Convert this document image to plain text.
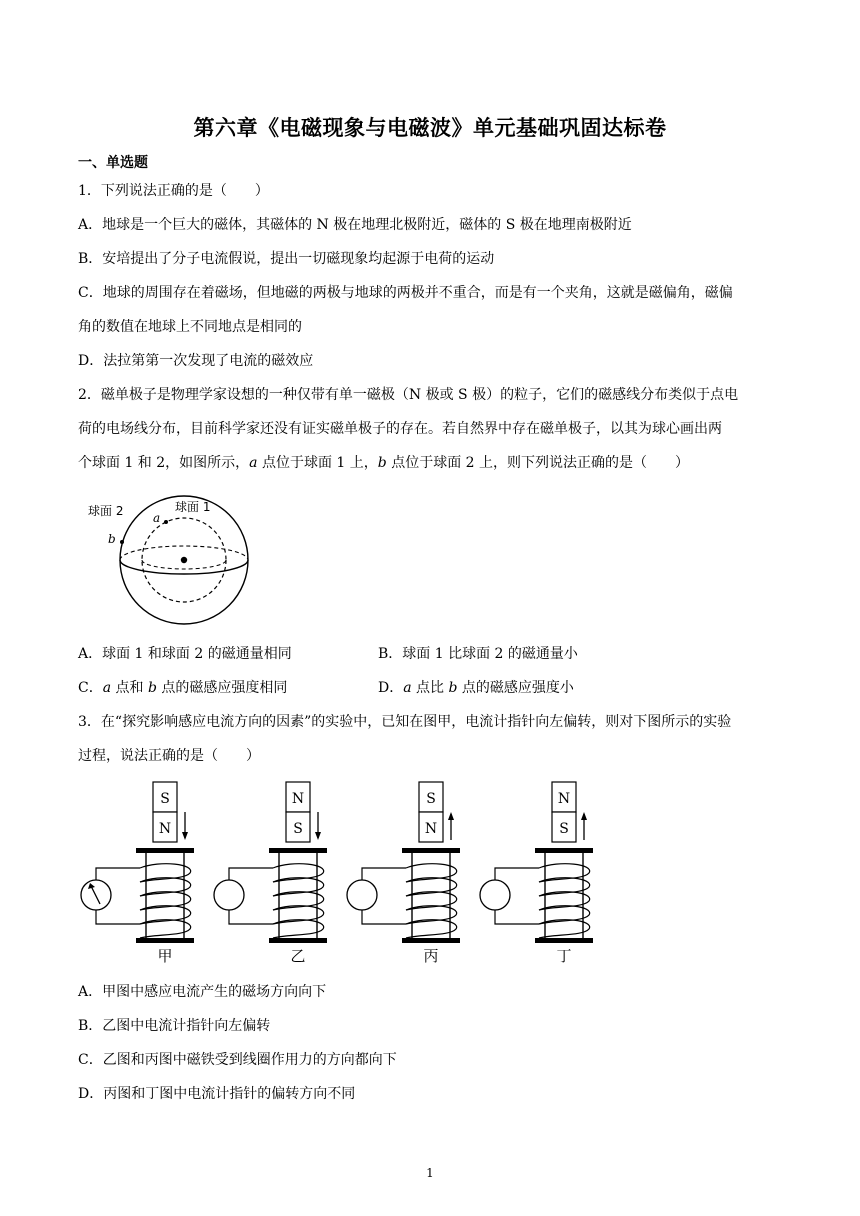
第六章《电磁现象与电磁波》单元基础巩固达标卷
一、单选题
1．下列说法正确的是（　　）
A．地球是一个巨大的磁体，其磁体的 N 极在地理北极附近，磁体的 S 极在地理南极附近
B．安培提出了分子电流假说，提出一切磁现象均起源于电荷的运动
C．地球的周围存在着磁场，但地磁的两极与地球的两极并不重合，而是有一个夹角，这就是磁偏角，磁偏
角的数值在地球上不同地点是相同的
D．法拉第第一次发现了电流的磁效应
2．磁单极子是物理学家设想的一种仅带有单一磁极（N 极或 S 极）的粒子，它们的磁感线分布类似于点电
荷的电场线分布，目前科学家还没有证实磁单极子的存在。若自然界中存在磁单极子，以其为球心画出两
个球面 1 和 2，如图所示，a 点位于球面 1 上，b 点位于球面 2 上，则下列说法正确的是（　　）
球面 2	球面 1
a
b
A．球面 1 和球面 2 的磁通量相同	B．球面 1 比球面 2 的磁通量小
C．a 点和 b 点的磁感应强度相同	D．a 点比 b 点的磁感应强度小
3．在“探究影响感应电流方向的因素”的实验中，已知在图甲，电流计指针向左偏转，则对下图所示的实验
过程，说法正确的是（　　）
S
N
甲
N
S
乙
S
N
丙
N
S
丁
A．甲图中感应电流产生的磁场方向向下
B．乙图中电流计指针向左偏转
C．乙图和丙图中磁铁受到线圈作用力的方向都向下
D．丙图和丁图中电流计指针的偏转方向不同
1
